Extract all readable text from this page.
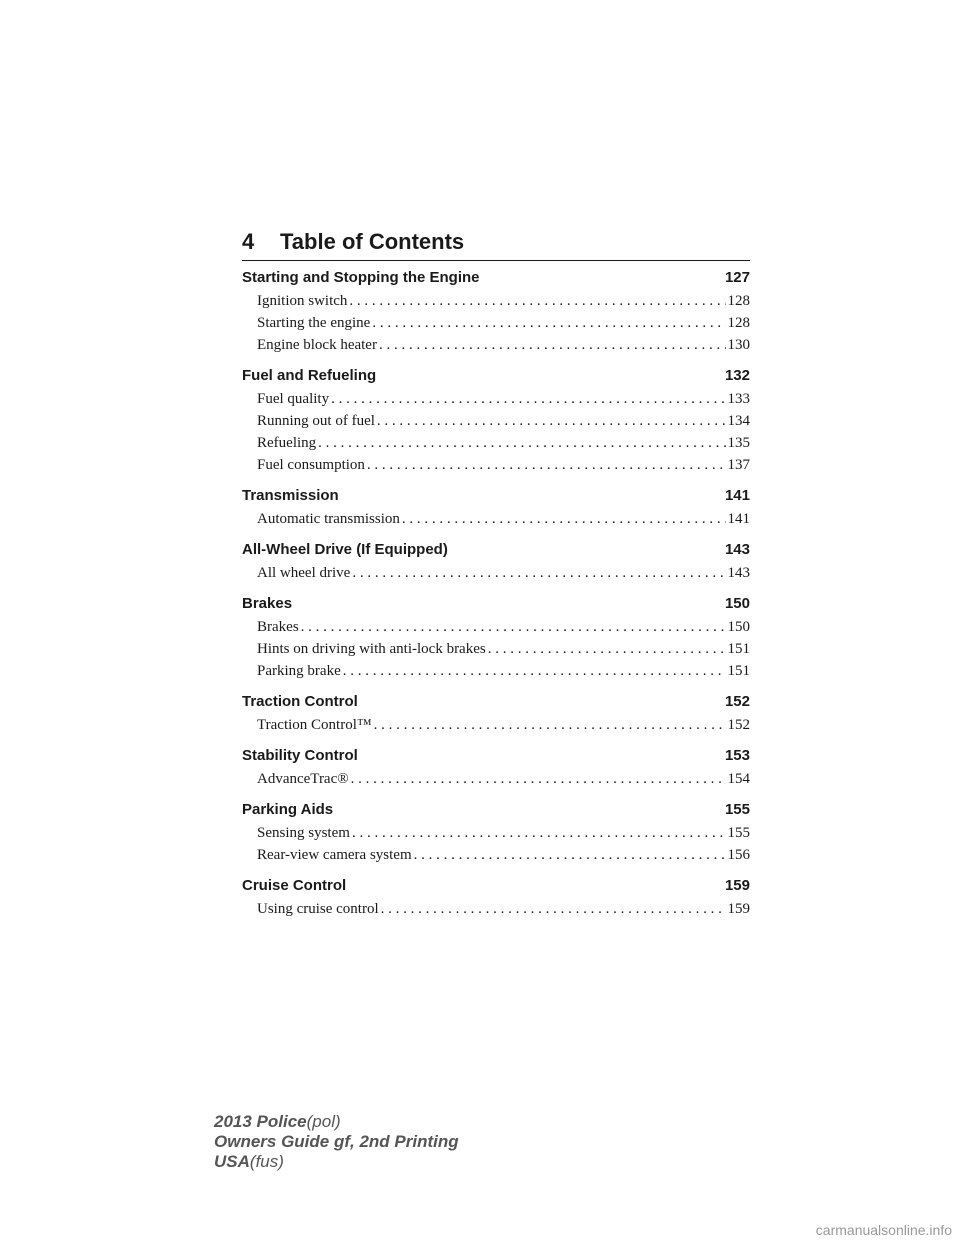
4 Table of Contents
Starting and Stopping the Engine	127
Ignition switch . . .	128
Starting the engine . . .	128
Engine block heater . . .	130
Fuel and Refueling	132
Fuel quality . . .	133
Running out of fuel . . .	134
Refueling . . .	135
Fuel consumption . . .	137
Transmission	141
Automatic transmission . . .	141
All-Wheel Drive (If Equipped)	143
All wheel drive . . .	143
Brakes	150
Brakes . . .	150
Hints on driving with anti-lock brakes . . .	151
Parking brake . . .	151
Traction Control	152
Traction Control™ . . .	152
Stability Control	153
AdvanceTrac® . . .	154
Parking Aids	155
Sensing system . . .	155
Rear-view camera system . . .	156
Cruise Control	159
Using cruise control . . .	159
2013 Police(pol)
Owners Guide gf, 2nd Printing
USA(fus)
carmanualsonline.info
